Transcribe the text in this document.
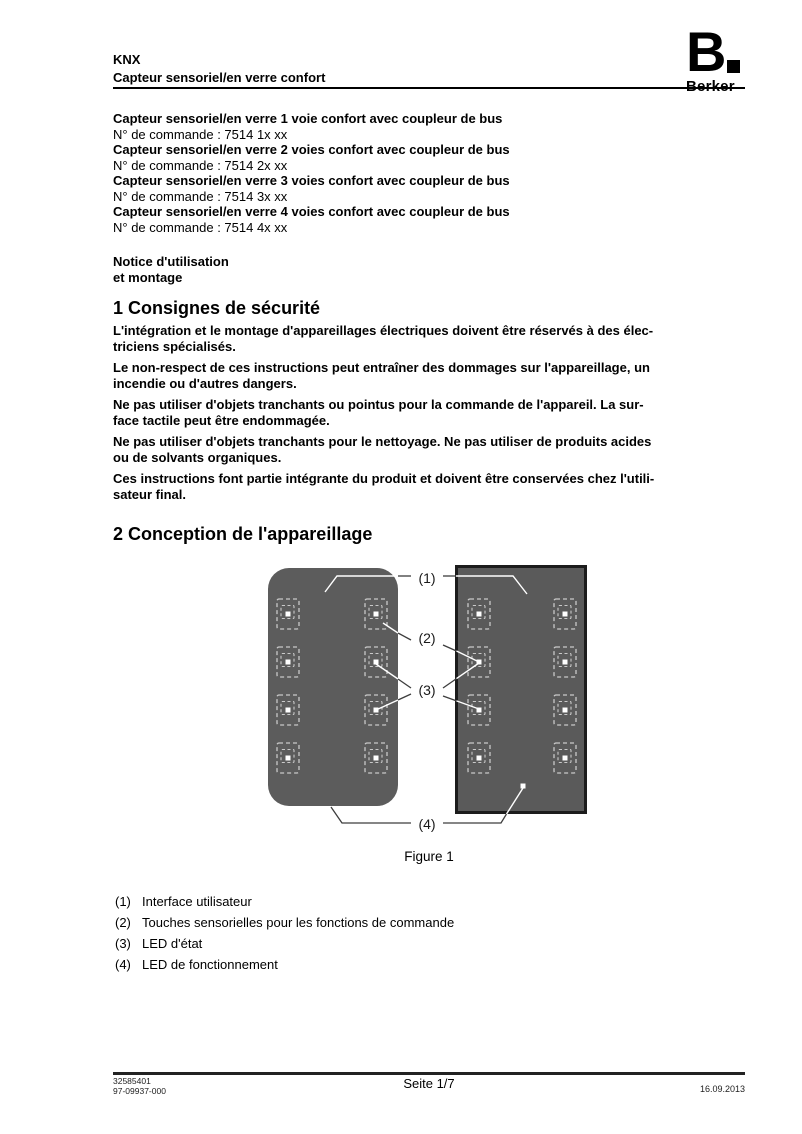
KNX
Capteur sensoriel/en verre confort	B
Berker
Capteur sensoriel/en verre 1 voie confort avec coupleur de bus
N° de commande : 7514 1x xx
Capteur sensoriel/en verre 2 voies confort avec coupleur de bus
N° de commande : 7514 2x xx
Capteur sensoriel/en verre 3 voies confort avec coupleur de bus
N° de commande : 7514 3x xx
Capteur sensoriel/en verre 4 voies confort avec coupleur de bus
N° de commande : 7514 4x xx
Notice d'utilisation
et montage
1 Consignes de sécurité

L'intégration et le montage d'appareillages électriques doivent être réservés à des élec-
triciens spécialisés.

Le non-respect de ces instructions peut entraîner des dommages sur l'appareillage, un
incendie ou d'autres dangers.

Ne pas utiliser d'objets tranchants ou pointus pour la commande de l'appareil. La sur-
face tactile peut être endommagée.

Ne pas utiliser d'objets tranchants pour le nettoyage. Ne pas utiliser de produits acides
ou de solvants organiques.

Ces instructions font partie intégrante du produit et doivent être conservées chez l'utili-
sateur final.

2 Conception de l'appareillage
(1)
(2)
(3)
(4)
Figure 1
(1) Interface utilisateur
(2) Touches sensorielles pour les fonctions de commande
(3) LED d'état
(4) LED de fonctionnement
32585401
97-09937-000	Seite 1/7	16.09.2013
